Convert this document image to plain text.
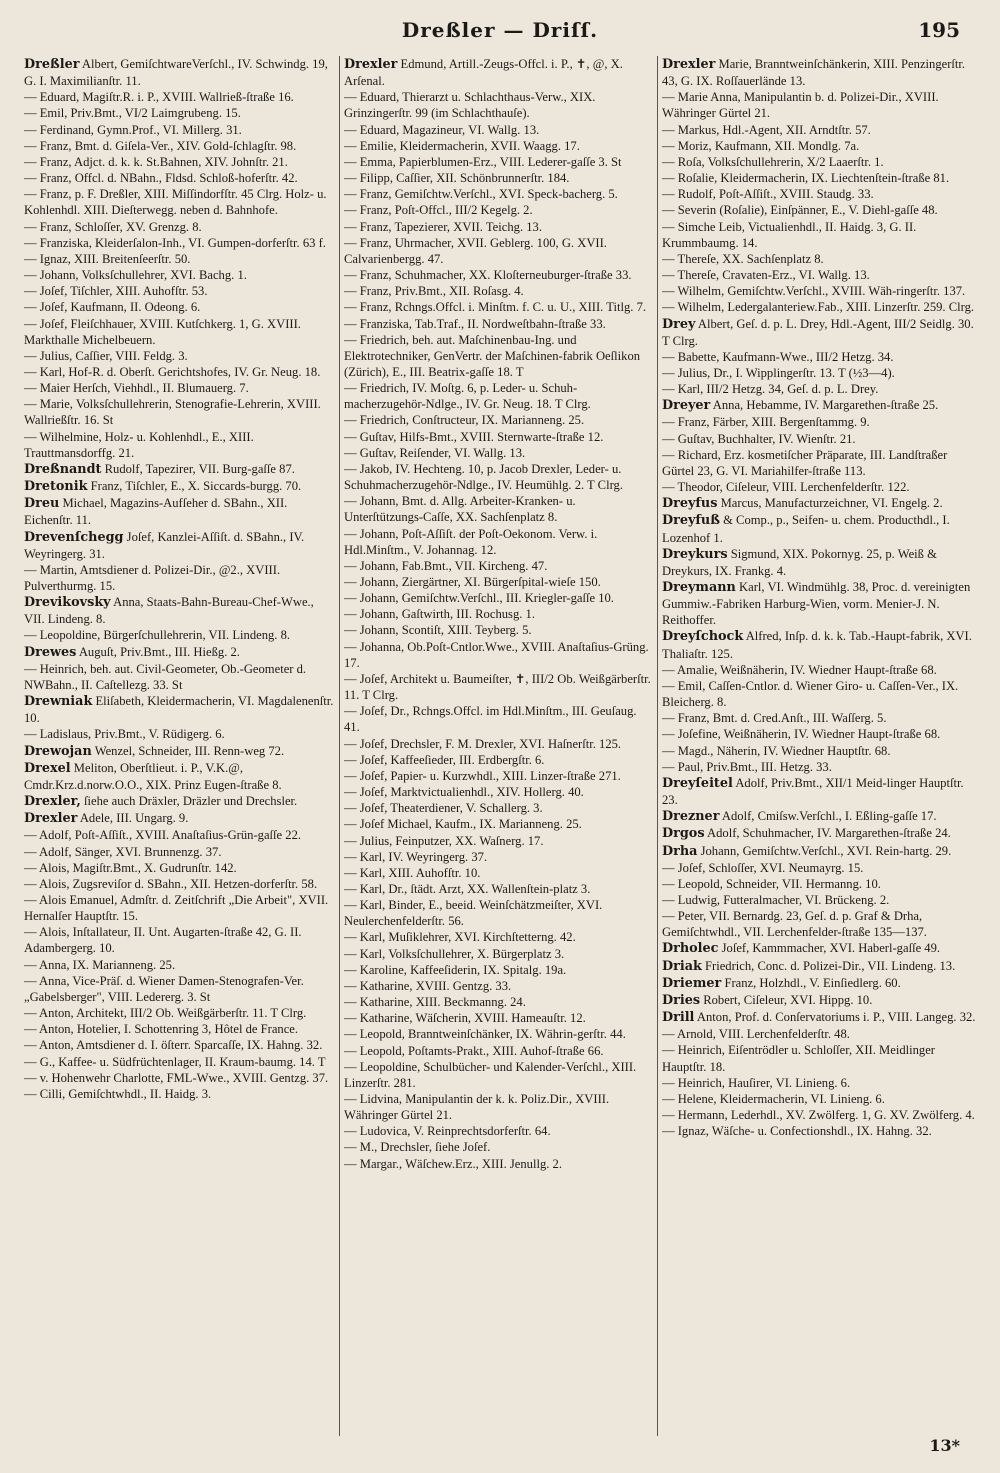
Dreßler — Driſſ.	195

Dreßler Albert, GemiſchtwareVerſchl., IV. Schwindg. 19, G. I. Maximilianſtr. 11.

— Eduard, Magiſtr.R. i. P., XVIII. Wallrieß-ſtraße 16.

— Emil, Priv.Bmt., VI/2 Laimgrubeng. 15.

— Ferdinand, Gymn.Prof., VI. Millerg. 31.

— Franz, Bmt. d. Giſela-Ver., XIV. Gold-ſchlagſtr. 98.

— Franz, Adjct. d. k. k. St.Bahnen, XIV. Johnſtr. 21.

— Franz, Offcl. d. NBahn., Fldsd. Schloß-hoferſtr. 42.

— Franz, p. F. Dreßler, XIII. Miſſindorfſtr. 45 Clrg. Holz- u. Kohlenhdl. XIII. Dieſterwegg. neben d. Bahnhofe.

— Franz, Schloſſer, XV. Grenzg. 8.

— Franziska, Kleiderſalon-Inh., VI. Gumpen-dorferſtr. 63 f.

— Ignaz, XIII. Breitenſeerſtr. 50.

— Johann, Volksſchullehrer, XVI. Bachg. 1.

— Joſef, Tiſchler, XIII. Auhofſtr. 53.

— Joſef, Kaufmann, II. Odeong. 6.

— Joſef, Fleiſchhauer, XVIII. Kutſchkerg. 1, G. XVIII. Markthalle Michelbeuern.

— Julius, Caſſier, VIII. Feldg. 3.

— Karl, Hof-R. d. Oberſt. Gerichtshofes, IV. Gr. Neug. 18.

— Maier Herſch, Viehhdl., II. Blumauerg. 7.

— Marie, Volksſchullehrerin, Stenografie-Lehrerin, XVIII. Wallrießſtr. 16. St

— Wilhelmine, Holz- u. Kohlenhdl., E., XIII. Trauttmansdorffg. 21.

Dreßnandt Rudolf, Tapezirer, VII. Burg-gaſſe 87.

Dretonik Franz, Tiſchler, E., X. Siccards-burgg. 70.

Dreu Michael, Magazins-Aufſeher d. SBahn., XII. Eichenſtr. 11.

Drevenſchegg Joſef, Kanzlei-Aſſiſt. d. SBahn., IV. Weyringerg. 31.

— Martin, Amtsdiener d. Polizei-Dir., @2., XVIII. Pulverthurmg. 15.

Drevikovsky Anna, Staats-Bahn-Bureau-Chef-Wwe., VII. Lindeng. 8.

— Leopoldine, Bürgerſchullehrerin, VII. Lindeng. 8.

Drewes Auguſt, Priv.Bmt., III. Hießg. 2.

— Heinrich, beh. aut. Civil-Geometer, Ob.-Geometer d. NWBahn., II. Caſtellezg. 33. St

Drewniak Eliſabeth, Kleidermacherin, VI. Magdalenenſtr. 10.

— Ladislaus, Priv.Bmt., V. Rüdigerg. 6.

Drewojan Wenzel, Schneider, III. Renn-weg 72.

Drexel Meliton, Oberſtlieut. i. P., V.K.@, Cmdr.Krz.d.norw.O.O., XIX. Prinz Eugen-ſtraße 8.

Drexler, ſiehe auch Dräxler, Dräzler und Drechsler.

Drexler Adele, III. Ungarg. 9.

— Adolf, Poſt-Aſſiſt., XVIII. Anaſtaſius-Grün-gaſſe 22.

— Adolf, Sänger, XVI. Brunnenzg. 37.

— Alois, Magiſtr.Bmt., X. Gudrunſtr. 142.

— Alois, Zugsreviſor d. SBahn., XII. Hetzen-dorferſtr. 58.

— Alois Emanuel, Admſtr. d. Zeitſchrift „Die Arbeit", XVII. Hernalſer Hauptſtr. 15.

— Alois, Inſtallateur, II. Unt. Augarten-ſtraße 42, G. II. Adambergerg. 10.

— Anna, IX. Marianneng. 25.

— Anna, Vice-Präſ. d. Wiener Damen-Stenografen-Ver. „Gabelsberger", VIII. Ledererg. 3. St

— Anton, Architekt, III/2 Ob. Weißgärberſtr. 11. T Clrg.

— Anton, Hotelier, I. Schottenring 3, Hôtel de France.

— Anton, Amtsdiener d. I. öſterr. Sparcaſſe, IX. Hahng. 32.

— G., Kaffee- u. Südfrüchtenlager, II. Kraum-baumg. 14. T

— v. Hohenwehr Charlotte, FML-Wwe., XVIII. Gentzg. 37.

— Cilli, Gemiſchtwhdl., II. Haidg. 3.

Drexler Edmund, Artill.-Zeugs-Offcl. i. P., ✝, @, X. Arſenal.

— Eduard, Thierarzt u. Schlachthaus-Verw., XIX. Grinzingerſtr. 99 (im Schlachthauſe).

— Eduard, Magazineur, VI. Wallg. 13.

— Emilie, Kleidermacherin, XVII. Waagg. 17.

— Emma, Papierblumen-Erz., VIII. Lederer-gaſſe 3. St

— Filipp, Caſſier, XII. Schönbrunnerſtr. 184.

— Franz, Gemiſchtw.Verſchl., XVI. Speck-bacherg. 5.

— Franz, Poſt-Offcl., III/2 Kegelg. 2.

— Franz, Tapezierer, XVII. Teichg. 13.

— Franz, Uhrmacher, XVII. Geblerg. 100, G. XVII. Calvarienbergg. 47.

— Franz, Schuhmacher, XX. Kloſterneuburger-ſtraße 33.

— Franz, Priv.Bmt., XII. Roſasg. 4.

— Franz, Rchngs.Offcl. i. Minſtm. f. C. u. U., XIII. Titlg. 7.

— Franziska, Tab.Traf., II. Nordweſtbahn-ſtraße 33.

— Friedrich, beh. aut. Maſchinenbau-Ing. und Elektrotechniker, GenVertr. der Maſchinen-fabrik Oeſlikon (Zürich), E., III. Beatrix-gaſſe 18. T

— Friedrich, IV. Moſtg. 6, p. Leder- u. Schuh-macherzugehör-Ndlge., IV. Gr. Neug. 18. T Clrg.

— Friedrich, Conſtructeur, IX. Marianneng. 25.

— Guſtav, Hilfs-Bmt., XVIII. Sternwarte-ſtraße 12.

— Guſtav, Reiſender, VI. Wallg. 13.

— Jakob, IV. Hechteng. 10, p. Jacob Drexler, Leder- u. Schuhmacherzugehör-Ndlge., IV. Heumühlg. 2. T Clrg.

— Johann, Bmt. d. Allg. Arbeiter-Kranken- u. Unterſtützungs-Caſſe, XX. Sachſenplatz 8.

— Johann, Poſt-Aſſiſt. der Poſt-Oekonom. Verw. i. Hdl.Minſtm., V. Johannag. 12.

— Johann, Fab.Bmt., VII. Kircheng. 47.

— Johann, Ziergärtner, XI. Bürgerſpital-wieſe 150.

— Johann, Gemiſchtw.Verſchl., III. Kriegler-gaſſe 10.

— Johann, Gaſtwirth, III. Rochusg. 1.

— Johann, Scontiſt, XIII. Teyberg. 5.

— Johanna, Ob.Poſt-Cntlor.Wwe., XVIII. Anaſtaſius-Grüng. 17.

— Joſef, Architekt u. Baumeiſter, ✝, III/2 Ob. Weißgärberſtr. 11. T Clrg.

— Joſef, Dr., Rchngs.Offcl. im Hdl.Minſtm., III. Geuſaug. 41.

— Joſef, Drechsler, F. M. Drexler, XVI. Haſnerſtr. 125.

— Joſef, Kaffeeſieder, III. Erdbergſtr. 6.

— Joſef, Papier- u. Kurzwhdl., XIII. Linzer-ſtraße 271.

— Joſef, Marktvictualienhdl., XIV. Hollerg. 40.

— Joſef, Theaterdiener, V. Schallerg. 3.

— Joſef Michael, Kaufm., IX. Marianneng. 25.

— Julius, Feinputzer, XX. Waſnerg. 17.

— Karl, IV. Weyringerg. 37.

— Karl, XIII. Auhofſtr. 10.

— Karl, Dr., ſtädt. Arzt, XX. Wallenſtein-platz 3.

— Karl, Binder, E., beeid. Weinſchätzmeiſter, XVI. Neulerchenfelderſtr. 56.

— Karl, Muſiklehrer, XVI. Kirchſtetterng. 42.

— Karl, Volksſchullehrer, X. Bürgerplatz 3.

— Karoline, Kaffeeſiderin, IX. Spitalg. 19a.

— Katharine, XVIII. Gentzg. 33.

— Katharine, XIII. Beckmanng. 24.

— Katharine, Wäſcherin, XVIII. Hameauſtr. 12.

— Leopold, Branntweinſchänker, IX. Währin-gerſtr. 44.

— Leopold, Poſtamts-Prakt., XIII. Auhof-ſtraße 66.

— Leopoldine, Schulbücher- und Kalender-Verſchl., XIII. Linzerſtr. 281.

— Lidvina, Manipulantin der k. k. Poliz.Dir., XVIII. Währinger Gürtel 21.

— Ludovica, V. Reinprechtsdorferſtr. 64.

— M., Drechsler, ſiehe Joſef.

— Margar., Wäſchew.Erz., XIII. Jenullg. 2.

Drexler Marie, Branntweinſchänkerin, XIII. Penzingerſtr. 43, G. IX. Roſſauerlände 13.

— Marie Anna, Manipulantin b. d. Polizei-Dir., XVIII. Währinger Gürtel 21.

— Markus, Hdl.-Agent, XII. Arndtſtr. 57.

— Moriz, Kaufmann, XII. Mondlg. 7a.

— Roſa, Volksſchullehrerin, X/2 Laaerſtr. 1.

— Roſalie, Kleidermacherin, IX. Liechtenſtein-ſtraße 81.

— Rudolf, Poſt-Aſſiſt., XVIII. Staudg. 33.

— Severin (Roſalie), Einſpänner, E., V. Diehl-gaſſe 48.

— Simche Leib, Victualienhdl., II. Haidg. 3, G. II. Krummbaumg. 14.

— Thereſe, XX. Sachſenplatz 8.

— Thereſe, Cravaten-Erz., VI. Wallg. 13.

— Wilhelm, Gemiſchtw.Verſchl., XVIII. Wäh-ringerſtr. 137.

— Wilhelm, Ledergalanteriew.Fab., XIII. Linzerſtr. 259. Clrg.

Drey Albert, Geſ. d. p. L. Drey, Hdl.-Agent, III/2 Seidlg. 30. T Clrg.

— Babette, Kaufmann-Wwe., III/2 Hetzg. 34.

— Julius, Dr., I. Wipplingerſtr. 13. T (½3—4).

— Karl, III/2 Hetzg. 34, Geſ. d. p. L. Drey.

Dreyer Anna, Hebamme, IV. Margarethen-ſtraße 25.

— Franz, Färber, XIII. Bergenſtammg. 9.

— Guſtav, Buchhalter, IV. Wienſtr. 21.

— Richard, Erz. kosmetiſcher Präparate, III. Landſtraßer Gürtel 23, G. VI. Mariahilfer-ſtraße 113.

— Theodor, Ciſeleur, VIII. Lerchenfelderſtr. 122.

Dreyfus Marcus, Manufacturzeichner, VI. Engelg. 2.

Dreyfuß & Comp., p., Seifen- u. chem. Producthdl., I. Lozenhof 1.

Dreykurs Sigmund, XIX. Pokornyg. 25, p. Weiß & Dreykurs, IX. Frankg. 4.

Dreymann Karl, VI. Windmühlg. 38, Proc. d. vereinigten Gummiw.-Fabriken Harburg-Wien, vorm. Menier-J. N. Reithoffer.

Dreyſchock Alfred, Inſp. d. k. k. Tab.-Haupt-fabrik, XVI. Thaliaſtr. 125.

— Amalie, Weißnäherin, IV. Wiedner Haupt-ſtraße 68.

— Emil, Caſſen-Cntlor. d. Wiener Giro- u. Caſſen-Ver., IX. Bleicherg. 8.

— Franz, Bmt. d. Cred.Anſt., III. Waſſerg. 5.

— Joſefine, Weißnäherin, IV. Wiedner Haupt-ſtraße 68.

— Magd., Näherin, IV. Wiedner Hauptſtr. 68.

— Paul, Priv.Bmt., III. Hetzg. 33.

Dreyſeitel Adolf, Priv.Bmt., XII/1 Meid-linger Hauptſtr. 23.

Drezner Adolf, Cmiſsw.Verſchl., I. Eßling-gaſſe 17.

Drgos Adolf, Schuhmacher, IV. Margarethen-ſtraße 24.

Drha Johann, Gemiſchtw.Verſchl., XVI. Rein-hartg. 29.

— Joſef, Schloſſer, XVI. Neumayrg. 15.

— Leopold, Schneider, VII. Hermanng. 10.

— Ludwig, Futteralmacher, VI. Brückeng. 2.

— Peter, VII. Bernardg. 23, Geſ. d. p. Graf & Drha, Gemiſchtwhdl., VII. Lerchenfelder-ſtraße 135—137.

Drholec Joſef, Kammmacher, XVI. Haberl-gaſſe 49.

Driak Friedrich, Conc. d. Polizei-Dir., VII. Lindeng. 13.

Driemer Franz, Holzhdl., V. Einſiedlerg. 60.

Dries Robert, Ciſeleur, XVI. Hippg. 10.

Drill Anton, Prof. d. Conſervatoriums i. P., VIII. Langeg. 32.

— Arnold, VIII. Lerchenfelderſtr. 48.

— Heinrich, Eiſentrödler u. Schloſſer, XII. Meidlinger Hauptſtr. 18.

— Heinrich, Hauſirer, VI. Linieng. 6.

— Helene, Kleidermacherin, VI. Linieng. 6.

— Hermann, Lederhdl., XV. Zwölferg. 1, G. XV. Zwölferg. 4.

— Ignaz, Wäſche- u. Confectionshdl., IX. Hahng. 32.

13*
